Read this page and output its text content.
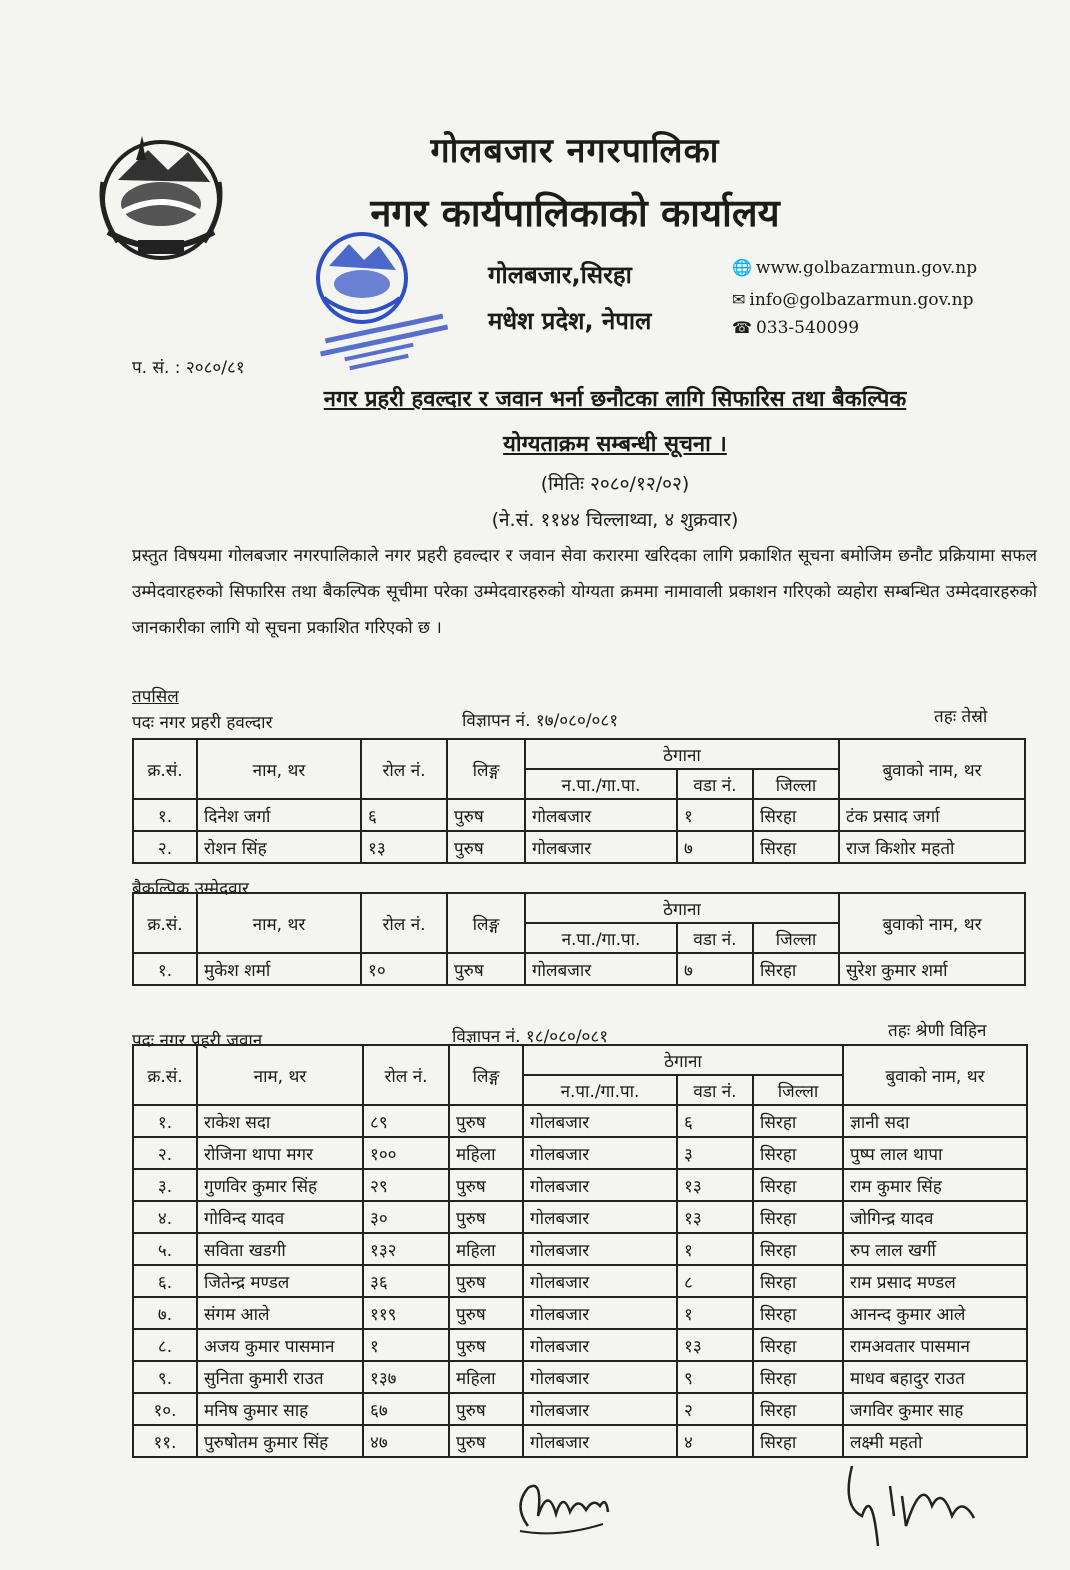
गोलबजार नगरपालिका
नगर कार्यपालिकाको कार्यालय
गोलबजार,सिरहा
मधेश प्रदेश, नेपाल
🌐 www.golbazarmun.gov.np
✉ info@golbazarmun.gov.np
☎ 033-540099
प. सं. : २०८०/८१
नगर प्रहरी हवल्दार र जवान भर्ना छनौटका लागि सिफारिस तथा बैकल्पिक
योग्यताक्रम सम्बन्धी सूचना ।
(मितिः २०८०/१२/०२)
(ने.सं. ११४४ चिल्लाथ्वा, ४ शुक्रवार)
प्रस्तुत विषयमा गोलबजार नगरपालिकाले नगर प्रहरी हवल्दार र जवान सेवा करारमा खरिदका लागि प्रकाशित सूचना बमोजिम छनौट प्रक्रियामा सफल उम्मेदवारहरुको सिफारिस तथा बैकल्पिक सूचीमा परेका उम्मेदवारहरुको योग्यता क्रममा नामावाली प्रकाशन गरिएको व्यहोरा सम्बन्धित उम्मेदवारहरुको जानकारीका लागि यो सूचना प्रकाशित गरिएको छ ।
तपसिल
पदः नगर प्रहरी हवल्दार	विज्ञापन नं. १७/०८०/०८१	तहः तेस्रो
क्र.सं.	नाम, थर	रोल नं.	लिङ्ग	ठेगाना			बुवाको नाम, थर
				न.पा./गा.पा.	वडा नं.	जिल्ला	
१.	दिनेश जर्गा	६	पुरुष	गोलबजार	१	सिरहा	टंक प्रसाद जर्गा
२.	रोशन सिंह	१३	पुरुष	गोलबजार	७	सिरहा	राज किशोर महतो
बैकल्पिक उम्मेदवार
क्र.सं.	नाम, थर	रोल नं.	लिङ्ग	ठेगाना			बुवाको नाम, थर
				न.पा./गा.पा.	वडा नं.	जिल्ला	
१.	मुकेश शर्मा	१०	पुरुष	गोलबजार	७	सिरहा	सुरेश कुमार शर्मा
पदः नगर प्रहरी जवान	विज्ञापन नं. १८/०८०/०८१	तहः श्रेणी विहिन
क्र.सं.	नाम, थर	रोल नं.	लिङ्ग	ठेगाना			बुवाको नाम, थर
				न.पा./गा.पा.	वडा नं.	जिल्ला	
१.	राकेश सदा	८९	पुरुष	गोलबजार	६	सिरहा	ज्ञानी सदा
२.	रोजिना थापा मगर	१००	महिला	गोलबजार	३	सिरहा	पुष्प लाल थापा
३.	गुणविर कुमार सिंह	२९	पुरुष	गोलबजार	१३	सिरहा	राम कुमार सिंह
४.	गोविन्द यादव	३०	पुरुष	गोलबजार	१३	सिरहा	जोगिन्द्र यादव
५.	सविता खडगी	१३२	महिला	गोलबजार	१	सिरहा	रुप लाल खर्गी
६.	जितेन्द्र मण्डल	३६	पुरुष	गोलबजार	८	सिरहा	राम प्रसाद मण्डल
७.	संगम आले	११९	पुरुष	गोलबजार	१	सिरहा	आनन्द कुमार आले
८.	अजय कुमार पासमान	१	पुरुष	गोलबजार	१३	सिरहा	रामअवतार पासमान
९.	सुनिता कुमारी राउत	१३७	महिला	गोलबजार	९	सिरहा	माधव बहादुर राउत
१०.	मनिष कुमार साह	६७	पुरुष	गोलबजार	२	सिरहा	जगविर कुमार साह
११.	पुरुषोतम कुमार सिंह	४७	पुरुष	गोलबजार	४	सिरहा	लक्ष्मी महतो
